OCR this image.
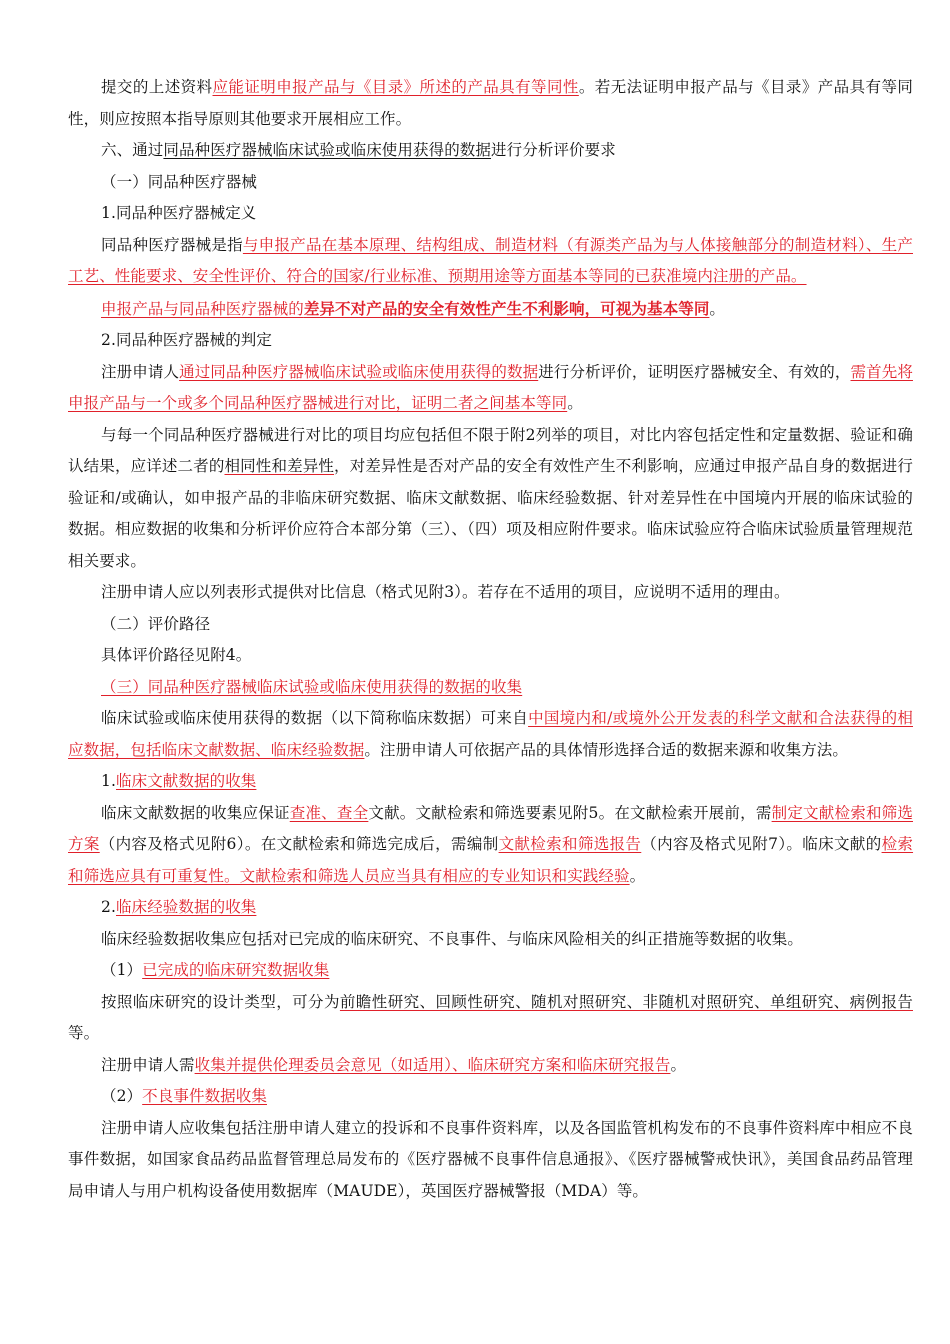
提交的上述资料应能证明申报产品与《目录》所述的产品具有等同性。若无法证明申报产品与《目录》产品具有等同性，则应按照本指导原则其他要求开展相应工作。

六、通过同品种医疗器械临床试验或临床使用获得的数据进行分析评价要求

（一）同品种医疗器械

1.同品种医疗器械定义

同品种医疗器械是指与申报产品在基本原理、结构组成、制造材料（有源类产品为与人体接触部分的制造材料）、生产工艺、性能要求、安全性评价、符合的国家/行业标准、预期用途等方面基本等同的已获准境内注册的产品。

申报产品与同品种医疗器械的差异不对产品的安全有效性产生不利影响，可视为基本等同。

2.同品种医疗器械的判定

注册申请人通过同品种医疗器械临床试验或临床使用获得的数据进行分析评价，证明医疗器械安全、有效的，需首先将申报产品与一个或多个同品种医疗器械进行对比，证明二者之间基本等同。

与每一个同品种医疗器械进行对比的项目均应包括但不限于附2列举的项目，对比内容包括定性和定量数据、验证和确认结果，应详述二者的相同性和差异性，对差异性是否对产品的安全有效性产生不利影响，应通过申报产品自身的数据进行验证和/或确认，如申报产品的非临床研究数据、临床文献数据、临床经验数据、针对差异性在中国境内开展的临床试验的数据。相应数据的收集和分析评价应符合本部分第（三）、（四）项及相应附件要求。临床试验应符合临床试验质量管理规范相关要求。

注册申请人应以列表形式提供对比信息（格式见附3）。若存在不适用的项目，应说明不适用的理由。

（二）评价路径

具体评价路径见附4。

（三）同品种医疗器械临床试验或临床使用获得的数据的收集

临床试验或临床使用获得的数据（以下简称临床数据）可来自中国境内和/或境外公开发表的科学文献和合法获得的相应数据，包括临床文献数据、临床经验数据。注册申请人可依据产品的具体情形选择合适的数据来源和收集方法。

1.临床文献数据的收集

临床文献数据的收集应保证查准、查全文献。文献检索和筛选要素见附5。在文献检索开展前，需制定文献检索和筛选方案（内容及格式见附6）。在文献检索和筛选完成后，需编制文献检索和筛选报告（内容及格式见附7）。临床文献的检索和筛选应具有可重复性。文献检索和筛选人员应当具有相应的专业知识和实践经验。

2.临床经验数据的收集

临床经验数据收集应包括对已完成的临床研究、不良事件、与临床风险相关的纠正措施等数据的收集。

（1）已完成的临床研究数据收集

按照临床研究的设计类型，可分为前瞻性研究、回顾性研究、随机对照研究、非随机对照研究、单组研究、病例报告等。

注册申请人需收集并提供伦理委员会意见（如适用）、临床研究方案和临床研究报告。

（2）不良事件数据收集

注册申请人应收集包括注册申请人建立的投诉和不良事件资料库，以及各国监管机构发布的不良事件资料库中相应不良事件数据，如国家食品药品监督管理总局发布的《医疗器械不良事件信息通报》、《医疗器械警戒快讯》，美国食品药品管理局申请人与用户机构设备使用数据库（MAUDE），英国医疗器械警报（MDA）等。
